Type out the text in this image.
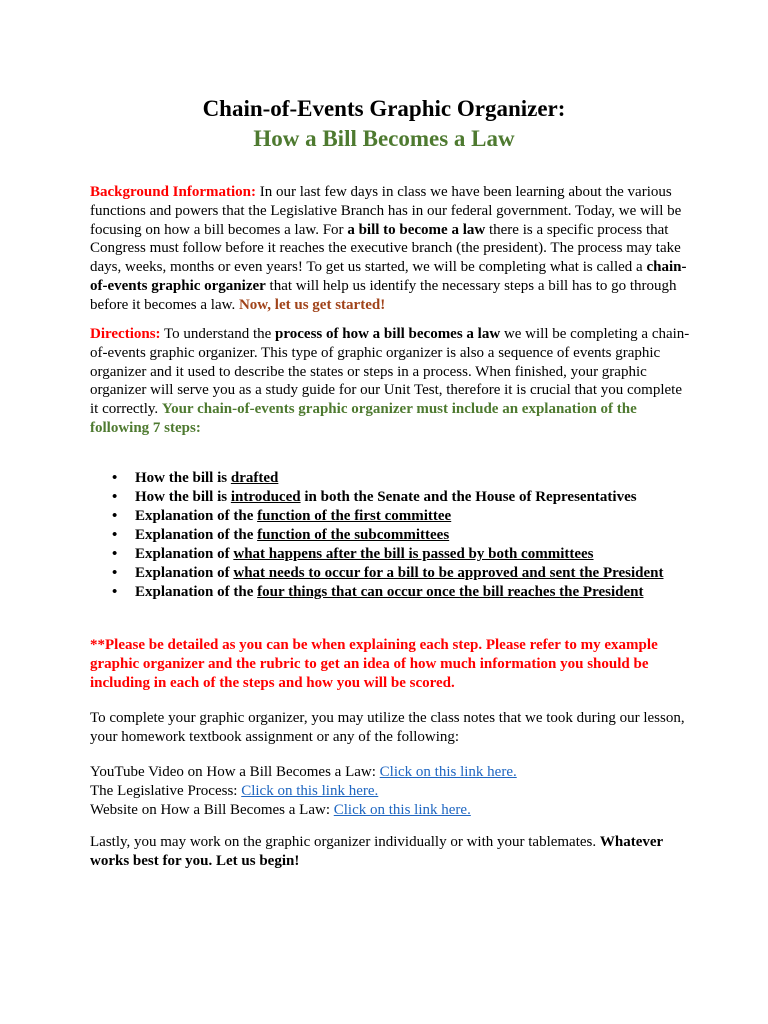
Chain-of-Events Graphic Organizer:
How a Bill Becomes a Law

Background Information: In our last few days in class we have been learning about the various functions and powers that the Legislative Branch has in our federal government. Today, we will be focusing on how a bill becomes a law. For a bill to become a law there is a specific process that Congress must follow before it reaches the executive branch (the president). The process may take days, weeks, months or even years! To get us started, we will be completing what is called a chain-of-events graphic organizer that will help us identify the necessary steps a bill has to go through before it becomes a law. Now, let us get started!

Directions: To understand the process of how a bill becomes a law we will be completing a chain-of-events graphic organizer. This type of graphic organizer is also a sequence of events graphic organizer and it used to describe the states or steps in a process. When finished, your graphic organizer will serve you as a study guide for our Unit Test, therefore it is crucial that you complete it correctly. Your chain-of-events graphic organizer must include an explanation of the following 7 steps:

• How the bill is drafted
• How the bill is introduced in both the Senate and the House of Representatives
• Explanation of the function of the first committee
• Explanation of the function of the subcommittees
• Explanation of what happens after the bill is passed by both committees
• Explanation of what needs to occur for a bill to be approved and sent the President
• Explanation of the four things that can occur once the bill reaches the President

**Please be detailed as you can be when explaining each step. Please refer to my example graphic organizer and the rubric to get an idea of how much information you should be including in each of the steps and how you will be scored.

To complete your graphic organizer, you may utilize the class notes that we took during our lesson, your homework textbook assignment or any of the following:

YouTube Video on How a Bill Becomes a Law: Click on this link here.
The Legislative Process: Click on this link here.
Website on How a Bill Becomes a Law: Click on this link here.

Lastly, you may work on the graphic organizer individually or with your tablemates. Whatever works best for you. Let us begin!
